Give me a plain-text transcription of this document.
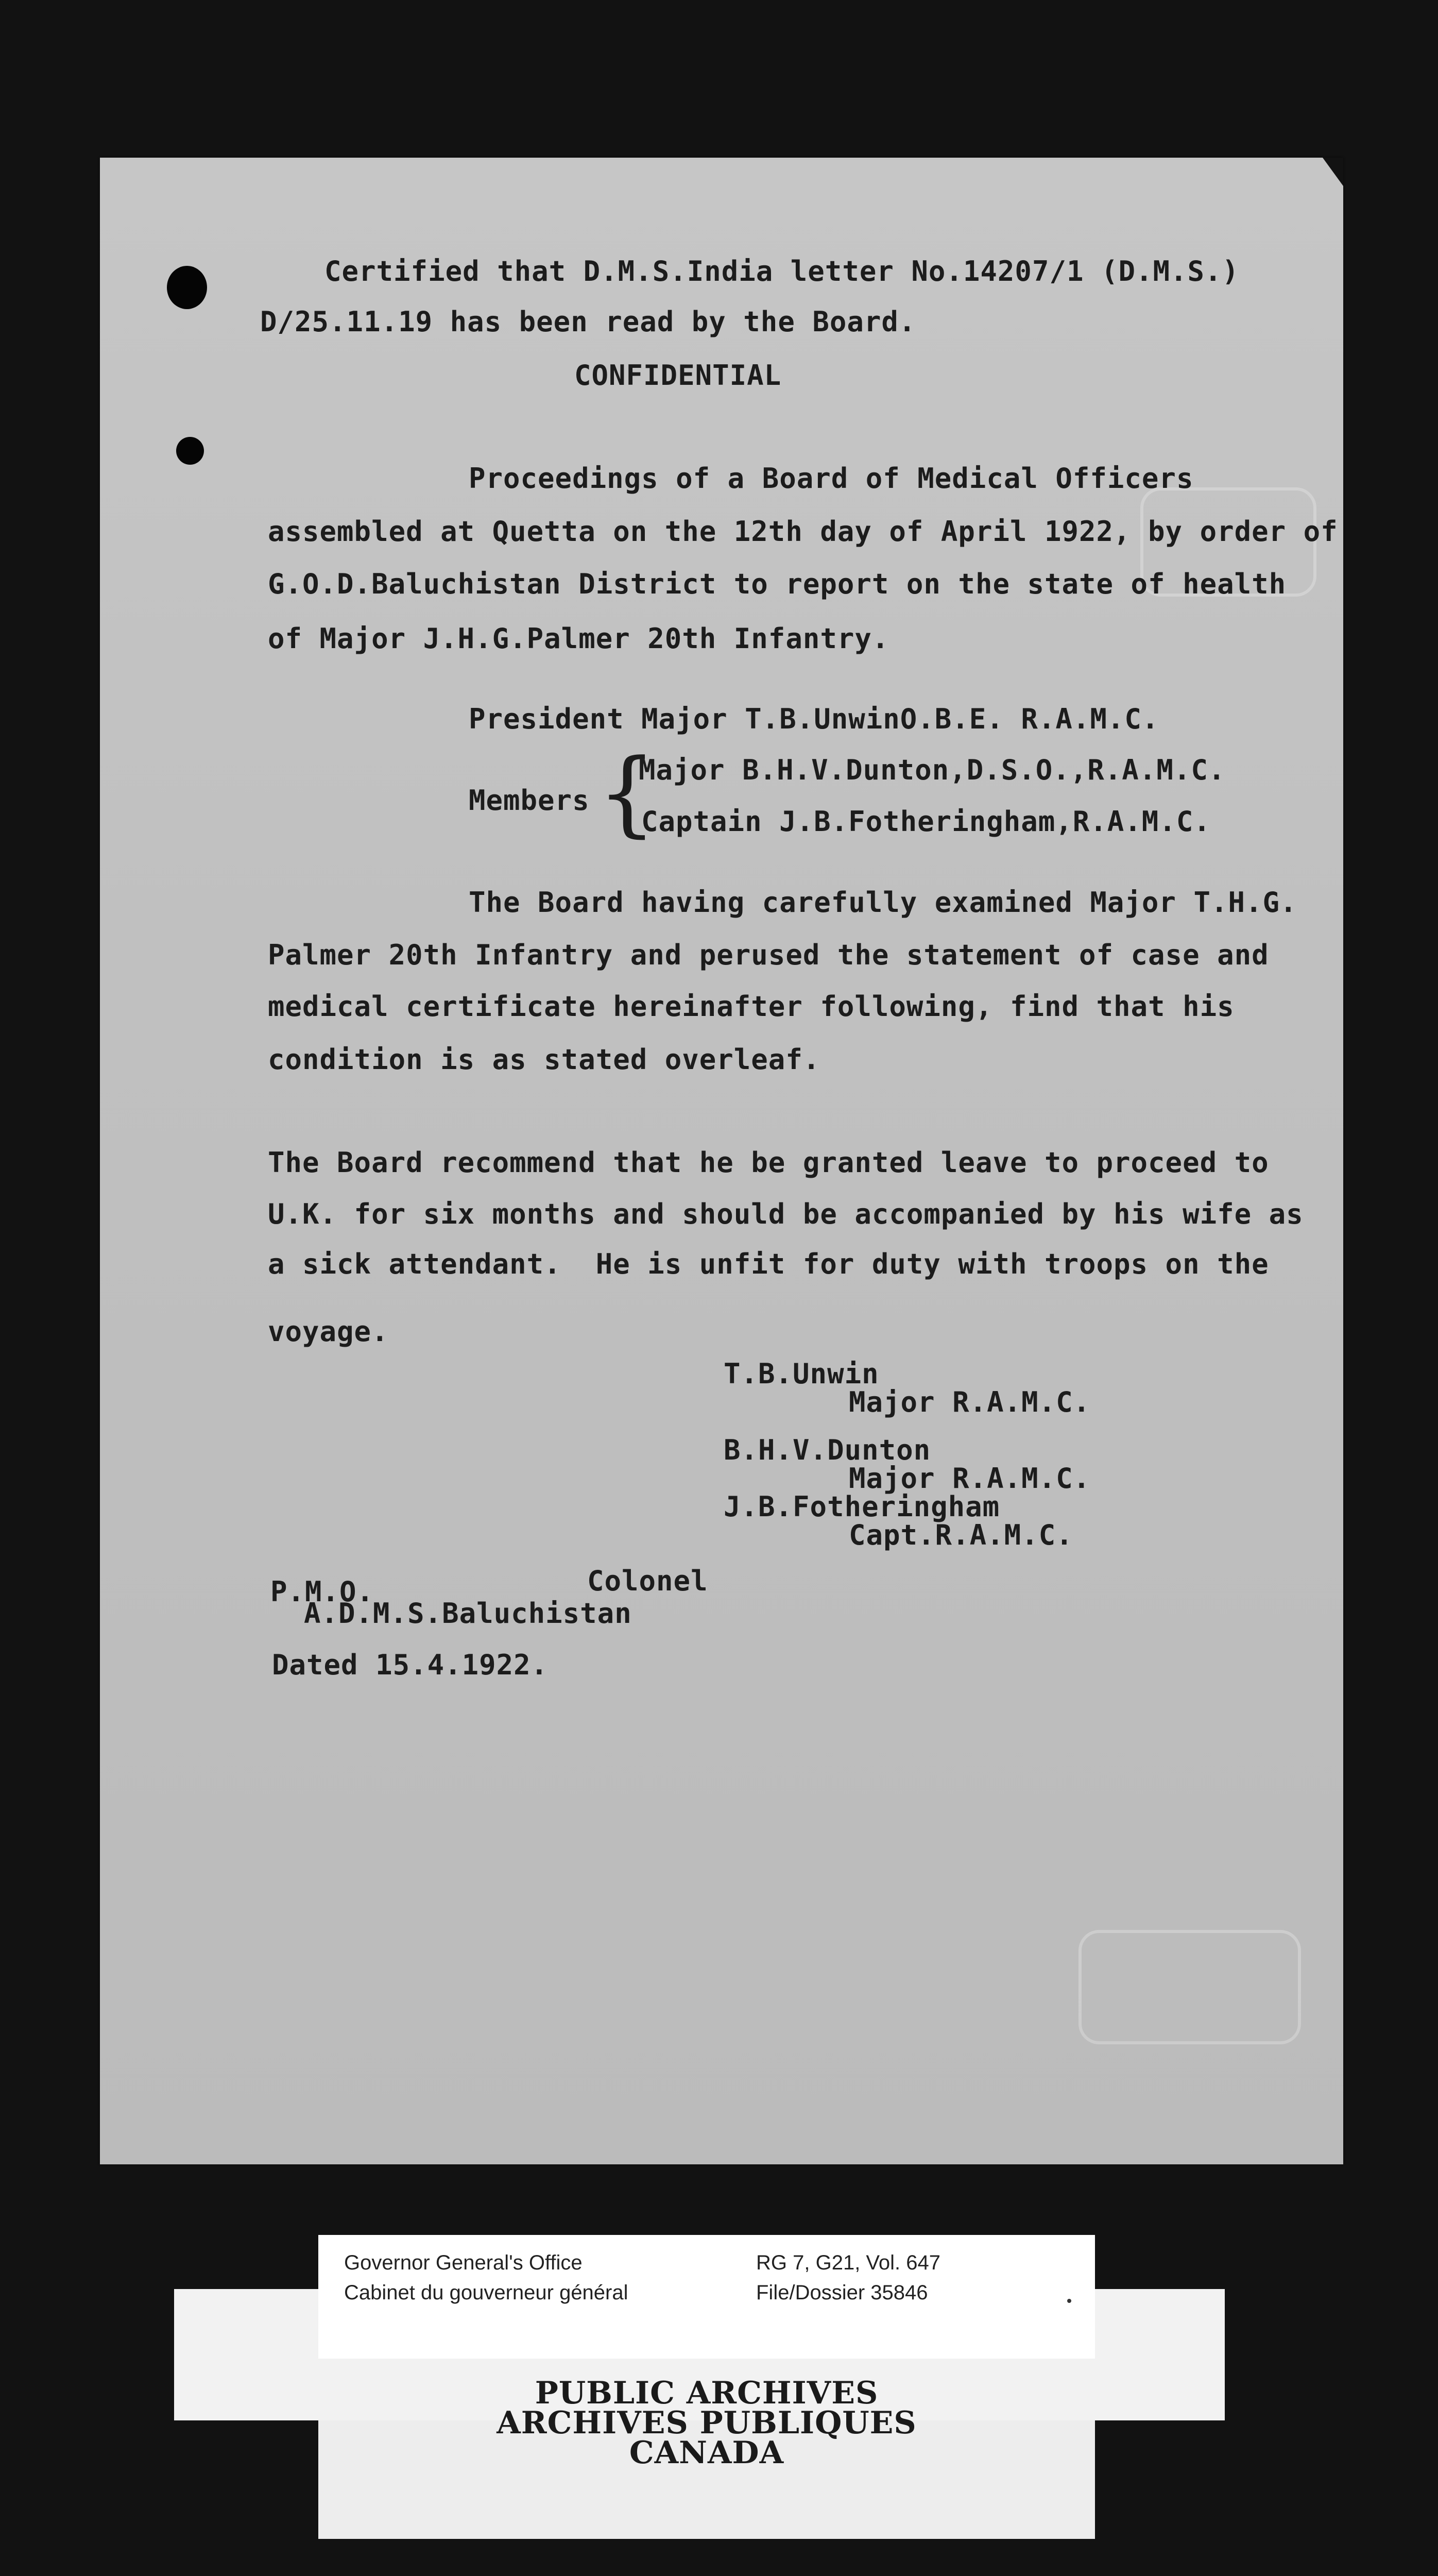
Certified that D.M.S.India letter No.14207/1 (D.M.S.)

D/25.11.19 has been read by the Board.

CONFIDENTIAL

Proceedings of a Board of Medical Officers

assembled at Quetta on the 12th day of April 1922, by order of

G.O.D.Baluchistan District to report on the state of health

of Major J.H.G.Palmer 20th Infantry.

President Major T.B.UnwinO.B.E. R.A.M.C.

Members {

Major B.H.V.Dunton,D.S.O.,R.A.M.C.

Captain J.B.Fotheringham,R.A.M.C.

The Board having carefully examined Major T.H.G.

Palmer 20th Infantry and perused the statement of case and

medical certificate hereinafter following, find that his

condition is as stated overleaf.

The Board recommend that he be granted leave to proceed to

U.K. for six months and should be accompanied by his wife as

a sick attendant.  He is unfit for duty with troops on the

voyage.

T.B.Unwin

Major R.A.M.C.

B.H.V.Dunton

Major R.A.M.C.

J.B.Fotheringham

Capt.R.A.M.C.

P.M.O.	Colonel

A.D.M.S.Baluchistan

Dated 15.4.1922.

Governor General's Office

Cabinet du gouverneur général

RG 7, G21, Vol. 647

File/Dossier 35846

PUBLIC ARCHIVES

ARCHIVES PUBLIQUES

CANADA
